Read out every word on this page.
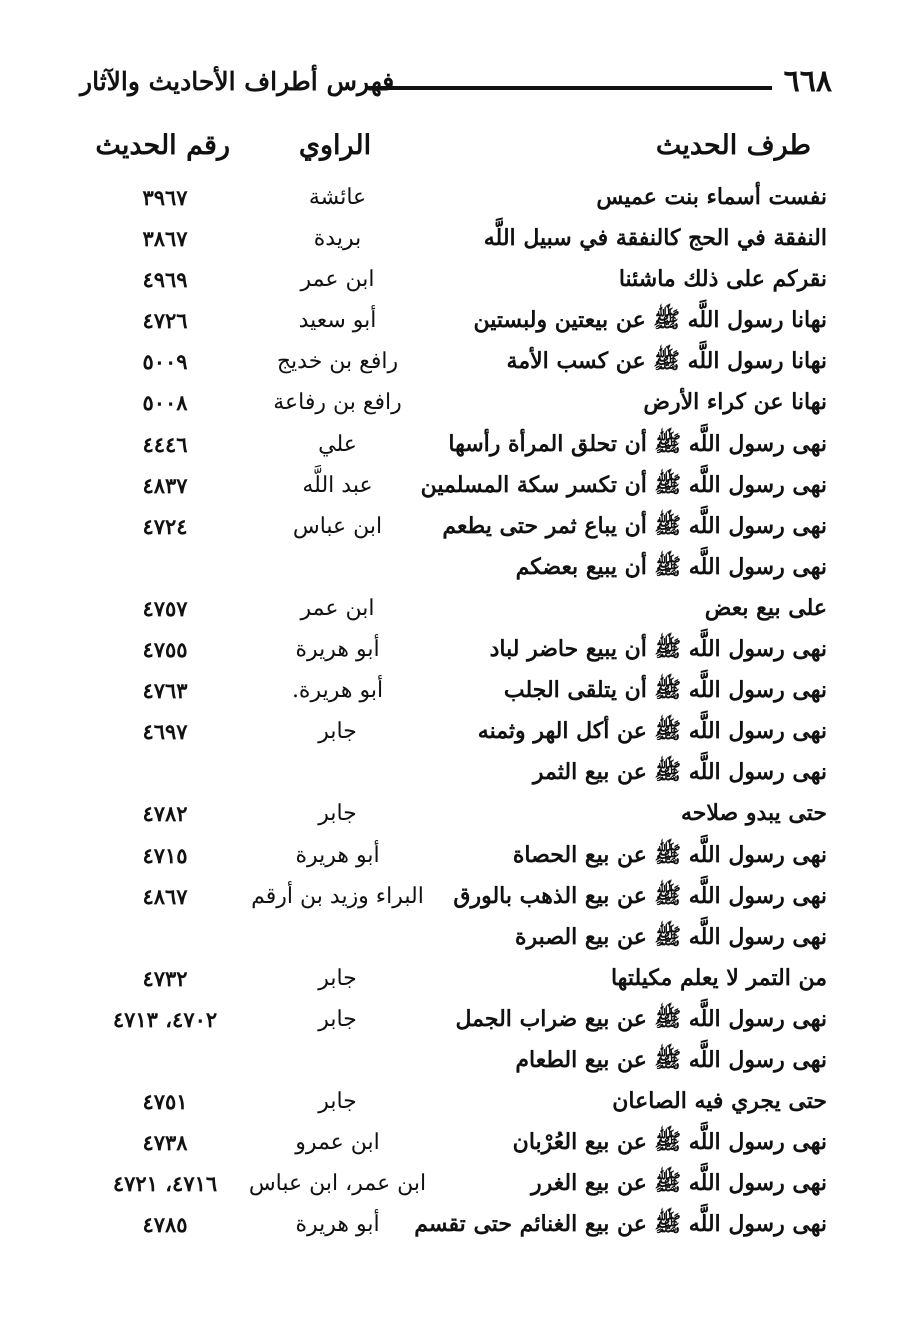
٦٦٨
فهرس أطراف الأحاديث والآثار
طرف الحديث
الراوي
رقم الحديث
نفست أسماء بنت عميس
عائشة
٣٩٦٧
النفقة في الحج كالنفقة في سبيل اللَّه
بريدة
٣٨٦٧
نقركم على ذلك ماشئنا
ابن عمر
٤٩٦٩
نهانا رسول اللَّه ﷺ عن بيعتين ولبستين
أبو سعيد
٤٧٢٦
نهانا رسول اللَّه ﷺ عن كسب الأمة
رافع بن خديج
٥٠٠٩
نهانا عن كراء الأرض
رافع بن رفاعة
٥٠٠٨
نهى رسول اللَّه ﷺ أن تحلق المرأة رأسها
علي
٤٤٤٦
نهى رسول اللَّه ﷺ أن تكسر سكة المسلمين
عبد اللَّه
٤٨٣٧
نهى رسول اللَّه ﷺ أن يباع ثمر حتى يطعم
ابن عباس
٤٧٢٤
نهى رسول اللَّه ﷺ أن يبيع بعضكم
على بيع بعض
ابن عمر
٤٧٥٧
نهى رسول اللَّه ﷺ أن يبيع حاضر لباد
أبو هريرة
٤٧٥٥
نهى رسول اللَّه ﷺ أن يتلقى الجلب
أبو هريرة.
٤٧٦٣
نهى رسول اللَّه ﷺ عن أكل الهر وثمنه
جابر
٤٦٩٧
نهى رسول اللَّه ﷺ عن بيع الثمر
حتى يبدو صلاحه
جابر
٤٧٨٢
نهى رسول اللَّه ﷺ عن بيع الحصاة
أبو هريرة
٤٧١٥
نهى رسول اللَّه ﷺ عن بيع الذهب بالورق
البراء وزيد بن أرقم
٤٨٦٧
نهى رسول اللَّه ﷺ عن بيع الصبرة
من التمر لا يعلم مكيلتها
جابر
٤٧٣٢
نهى رسول اللَّه ﷺ عن بيع ضراب الجمل
جابر
٤٧٠٢، ٤٧١٣
نهى رسول اللَّه ﷺ عن بيع الطعام
حتى يجري فيه الصاعان
جابر
٤٧٥١
نهى رسول اللَّه ﷺ عن بيع العُرْبان
ابن عمرو
٤٧٣٨
نهى رسول اللَّه ﷺ عن بيع الغرر
ابن عمر، ابن عباس
٤٧١٦، ٤٧٢١
نهى رسول اللَّه ﷺ عن بيع الغنائم حتى تقسم
أبو هريرة
٤٧٨٥
